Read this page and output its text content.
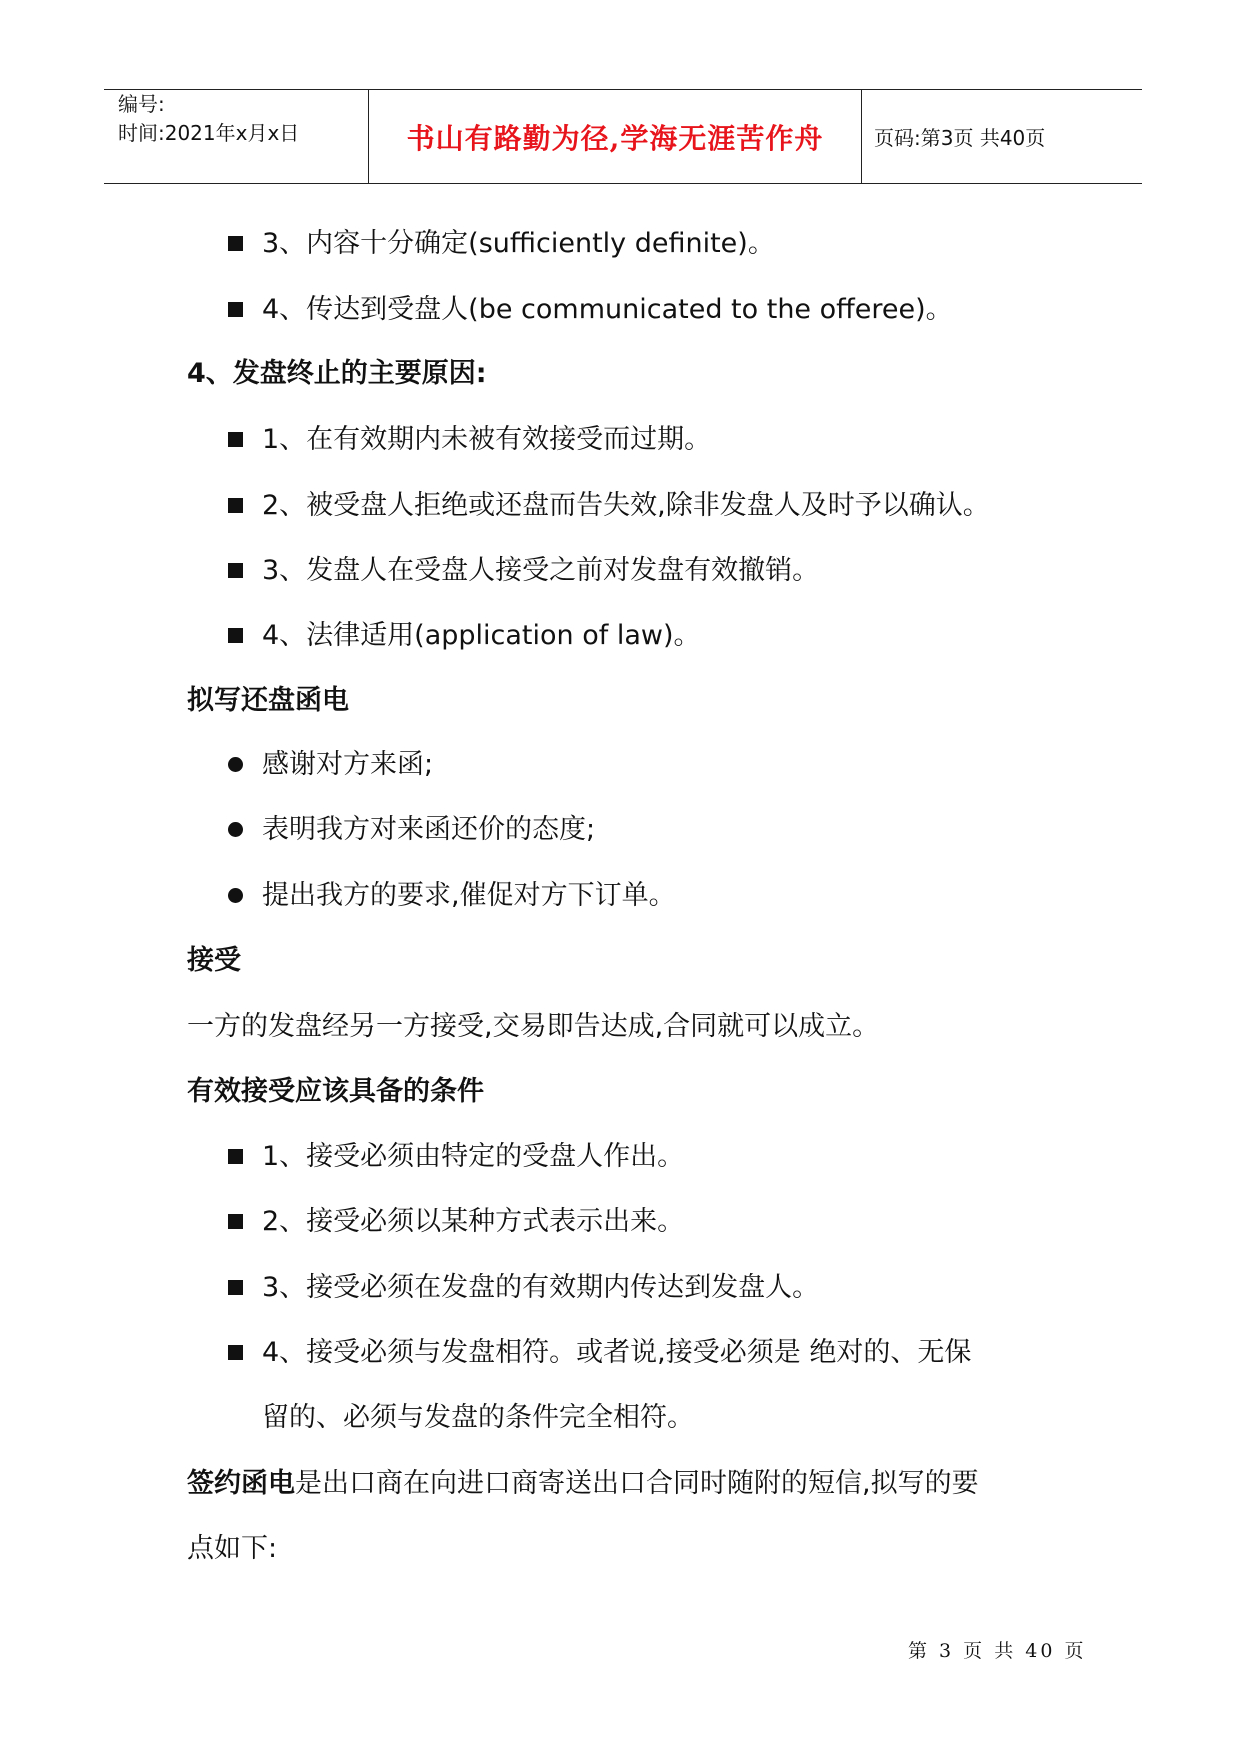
编号:
时间:2021年x月x日	书山有路勤为径,学海无涯苦作舟	页码:第3页 共40页
3、内容十分确定(sufficiently definite)。
4、传达到受盘人(be communicated to the offeree)。
4、发盘终止的主要原因:
1、在有效期内未被有效接受而过期。
2、被受盘人拒绝或还盘而告失效,除非发盘人及时予以确认。
3、发盘人在受盘人接受之前对发盘有效撤销。
4、法律适用(application of law)。
拟写还盘函电
感谢对方来函;
表明我方对来函还价的态度;
提出我方的要求,催促对方下订单。
接受
一方的发盘经另一方接受,交易即告达成,合同就可以成立。
有效接受应该具备的条件
1、接受必须由特定的受盘人作出。
2、接受必须以某种方式表示出来。
3、接受必须在发盘的有效期内传达到发盘人。
4、接受必须与发盘相符。或者说,接受必须是 绝对的、无保
留的、必须与发盘的条件完全相符。
签约函电是出口商在向进口商寄送出口合同时随附的短信,拟写的要
点如下:
第 3 页 共 40 页
